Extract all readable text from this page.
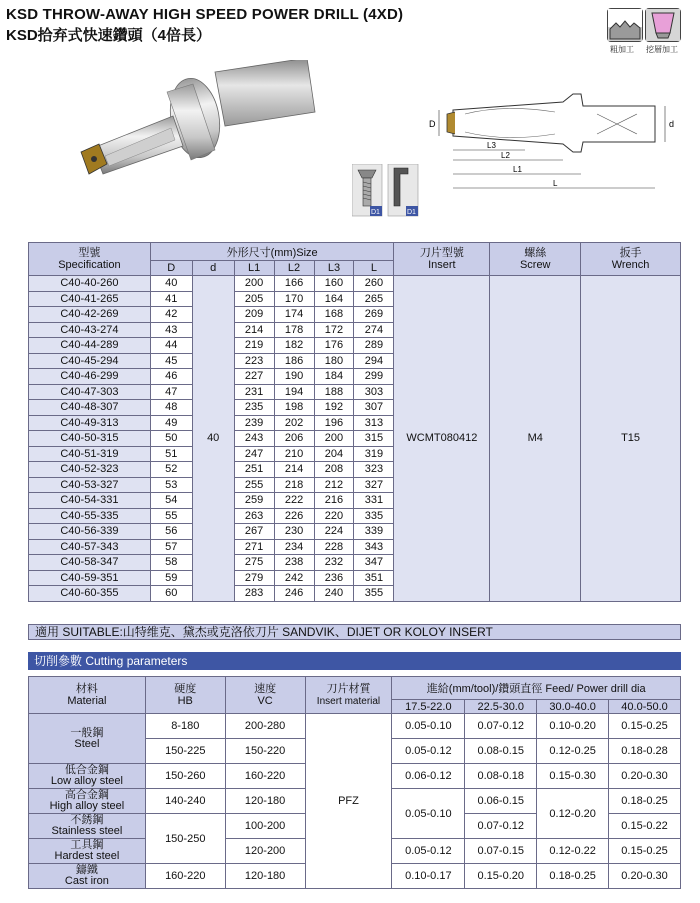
KSD THROW-AWAY HIGH SPEED POWER DRILL (4XD)
KSD拾弃式快速鑽頭（4倍長）
粗加工 挖層加工
D	d
L3
L2
L1
L
D1	D1
型號
Specification	外形尺寸(mm)Size						刀片型號
Insert	螺絲
Screw	扳手
Wrench
	D	d	L1	L2	L3	L			
C40-40-260	40	40	200	166	160	260	WCMT080412	M4	T15
C40-41-265	41		205	170	164	265			
C40-42-269	42		209	174	168	269			
C40-43-274	43		214	178	172	274			
C40-44-289	44		219	182	176	289			
C40-45-294	45		223	186	180	294			
C40-46-299	46		227	190	184	299			
C40-47-303	47		231	194	188	303			
C40-48-307	48		235	198	192	307			
C40-49-313	49		239	202	196	313			
C40-50-315	50		243	206	200	315			
C40-51-319	51		247	210	204	319			
C40-52-323	52		251	214	208	323			
C40-53-327	53		255	218	212	327			
C40-54-331	54		259	222	216	331			
C40-55-335	55		263	226	220	335			
C40-56-339	56		267	230	224	339			
C40-57-343	57		271	234	228	343			
C40-58-347	58		275	238	232	347			
C40-59-351	59		279	242	236	351			
C40-60-355	60		283	246	240	355			
適用 SUITABLE:山特维克、黛杰或克洛依刀片 SANDVIK、DIJET OR KOLOY INSERT
切削參數 Cutting parameters
材料
Material	硬度
HB	速度
VC	刀片材質
Insert material	進給(mm/tool)/鑽頭直徑 Feed/ Power drill dia			
				17.5-22.0	22.5-30.0	30.0-40.0	40.0-50.0
一般鋼
Steel	8-180	200-280	PFZ	0.05-0.10	0.07-0.12	0.10-0.20	0.15-0.25
	150-225	150-220		0.05-0.12	0.08-0.15	0.12-0.25	0.18-0.28
低合金鋼
Low alloy steel	150-260	160-220		0.06-0.12	0.08-0.18	0.15-0.30	0.20-0.30
高合金鋼
High alloy steel	140-240	120-180		0.05-0.10	0.06-0.15	0.12-0.20	0.18-0.25
不銹鋼
Stainless steel	150-250	100-200			0.07-0.12		0.15-0.22
工具鋼
Hardest steel		120-200		0.05-0.12	0.07-0.15	0.12-0.22	0.15-0.25
鑄鐵
Cast iron	160-220	120-180		0.10-0.17	0.15-0.20	0.18-0.25	0.20-0.30
